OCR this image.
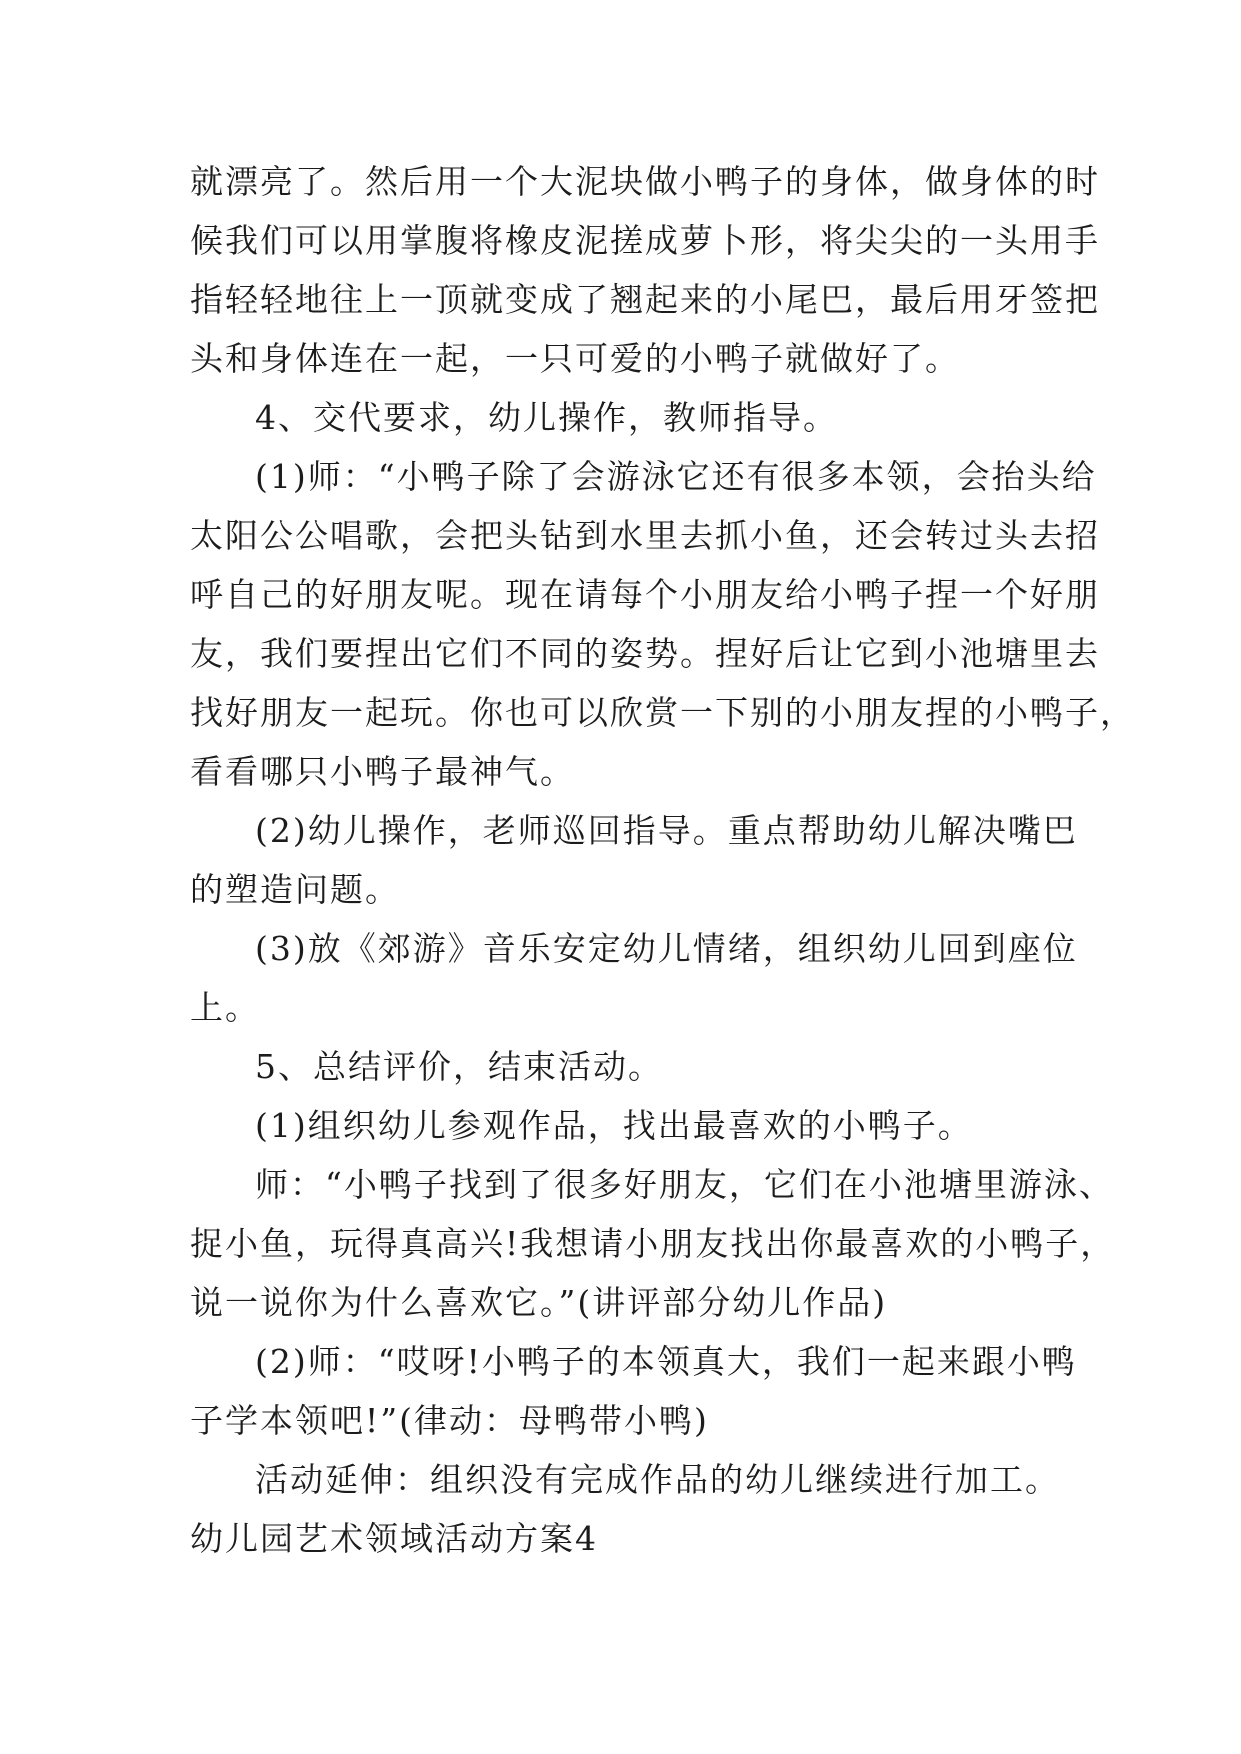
就漂亮了。然后用一个大泥块做小鸭子的身体，做身体的时
候我们可以用掌腹将橡皮泥搓成萝卜形，将尖尖的一头用手
指轻轻地往上一顶就变成了翘起来的小尾巴，最后用牙签把
头和身体连在一起，一只可爱的小鸭子就做好了。
4、交代要求，幼儿操作，教师指导。
(1)师：“小鸭子除了会游泳它还有很多本领，会抬头给
太阳公公唱歌，会把头钻到水里去抓小鱼，还会转过头去招
呼自己的好朋友呢。现在请每个小朋友给小鸭子捏一个好朋
友，我们要捏出它们不同的姿势。捏好后让它到小池塘里去
找好朋友一起玩。你也可以欣赏一下别的小朋友捏的小鸭子，
看看哪只小鸭子最神气。
(2)幼儿操作，老师巡回指导。重点帮助幼儿解决嘴巴
的塑造问题。
(3)放《郊游》音乐安定幼儿情绪，组织幼儿回到座位
上。
5、总结评价，结束活动。
(1)组织幼儿参观作品，找出最喜欢的小鸭子。
师：“小鸭子找到了很多好朋友，它们在小池塘里游泳、
捉小鱼，玩得真高兴!我想请小朋友找出你最喜欢的小鸭子，
说一说你为什么喜欢它。”(讲评部分幼儿作品)
(2)师：“哎呀!小鸭子的本领真大，我们一起来跟小鸭
子学本领吧!”(律动：母鸭带小鸭)
活动延伸：组织没有完成作品的幼儿继续进行加工。
幼儿园艺术领域活动方案4
